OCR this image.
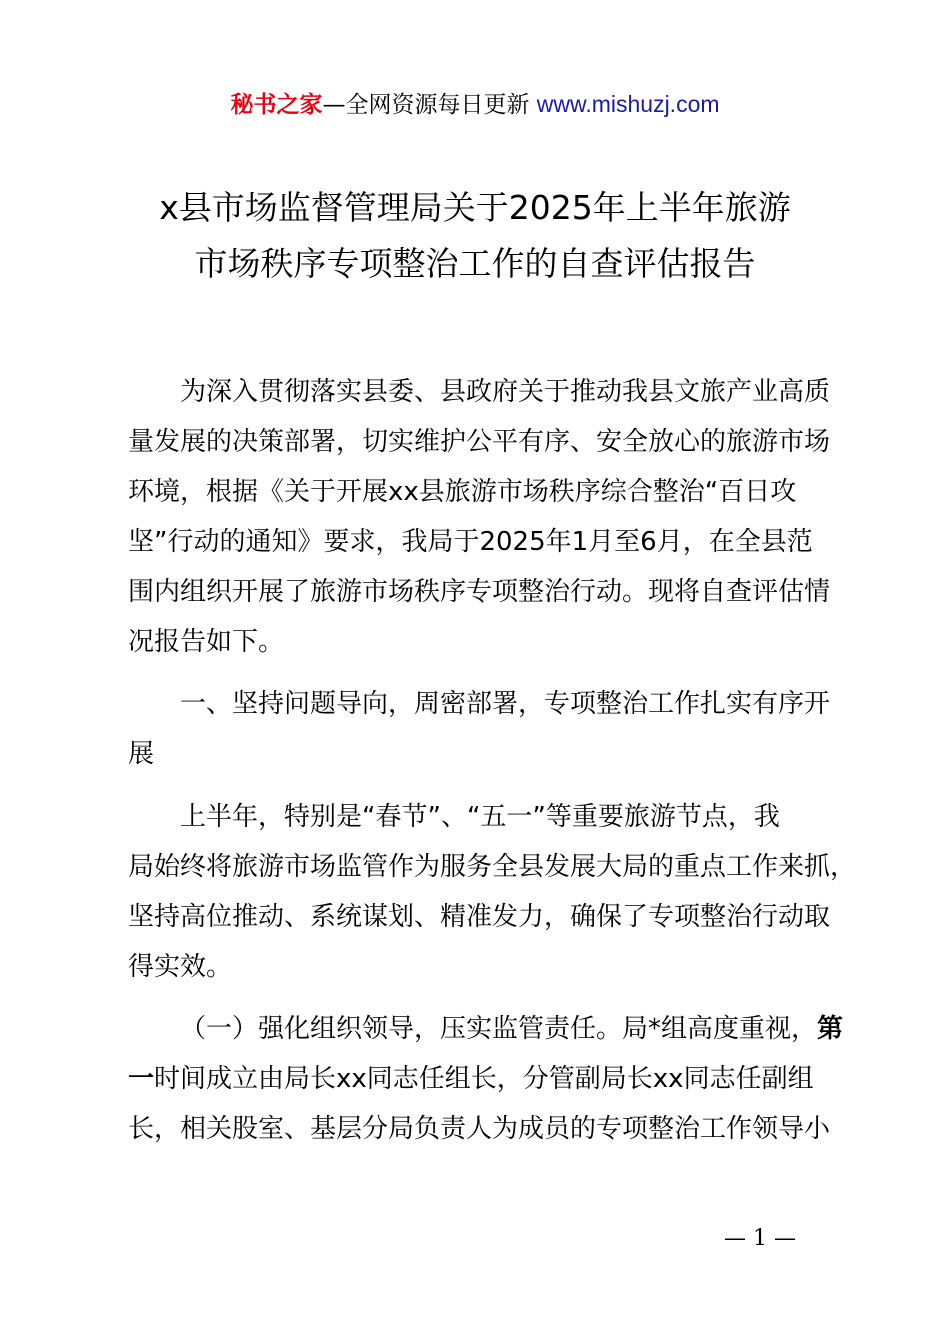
秘书之家—全网资源每日更新 www.mishuzj.com
x县市场监督管理局关于2025年上半年旅游
市场秩序专项整治工作的自查评估报告
为深入贯彻落实县委、县政府关于推动我县文旅产业高质
量发展的决策部署，切实维护公平有序、安全放心的旅游市场
环境，根据《关于开展xx县旅游市场秩序综合整治“百日攻
坚”行动的通知》要求，我局于2025年1月至6月，在全县范
围内组织开展了旅游市场秩序专项整治行动。现将自查评估情
况报告如下。
一、坚持问题导向，周密部署，专项整治工作扎实有序开
展
上半年，特别是“春节”、“五一”等重要旅游节点，我
局始终将旅游市场监管作为服务全县发展大局的重点工作来抓，
坚持高位推动、系统谋划、精准发力，确保了专项整治行动取
得实效。
（一）强化组织领导，压实监管责任。局*组高度重视，第
一时间成立由局长xx同志任组长，分管副局长xx同志任副组
长，相关股室、基层分局负责人为成员的专项整治工作领导小
— 1 —
